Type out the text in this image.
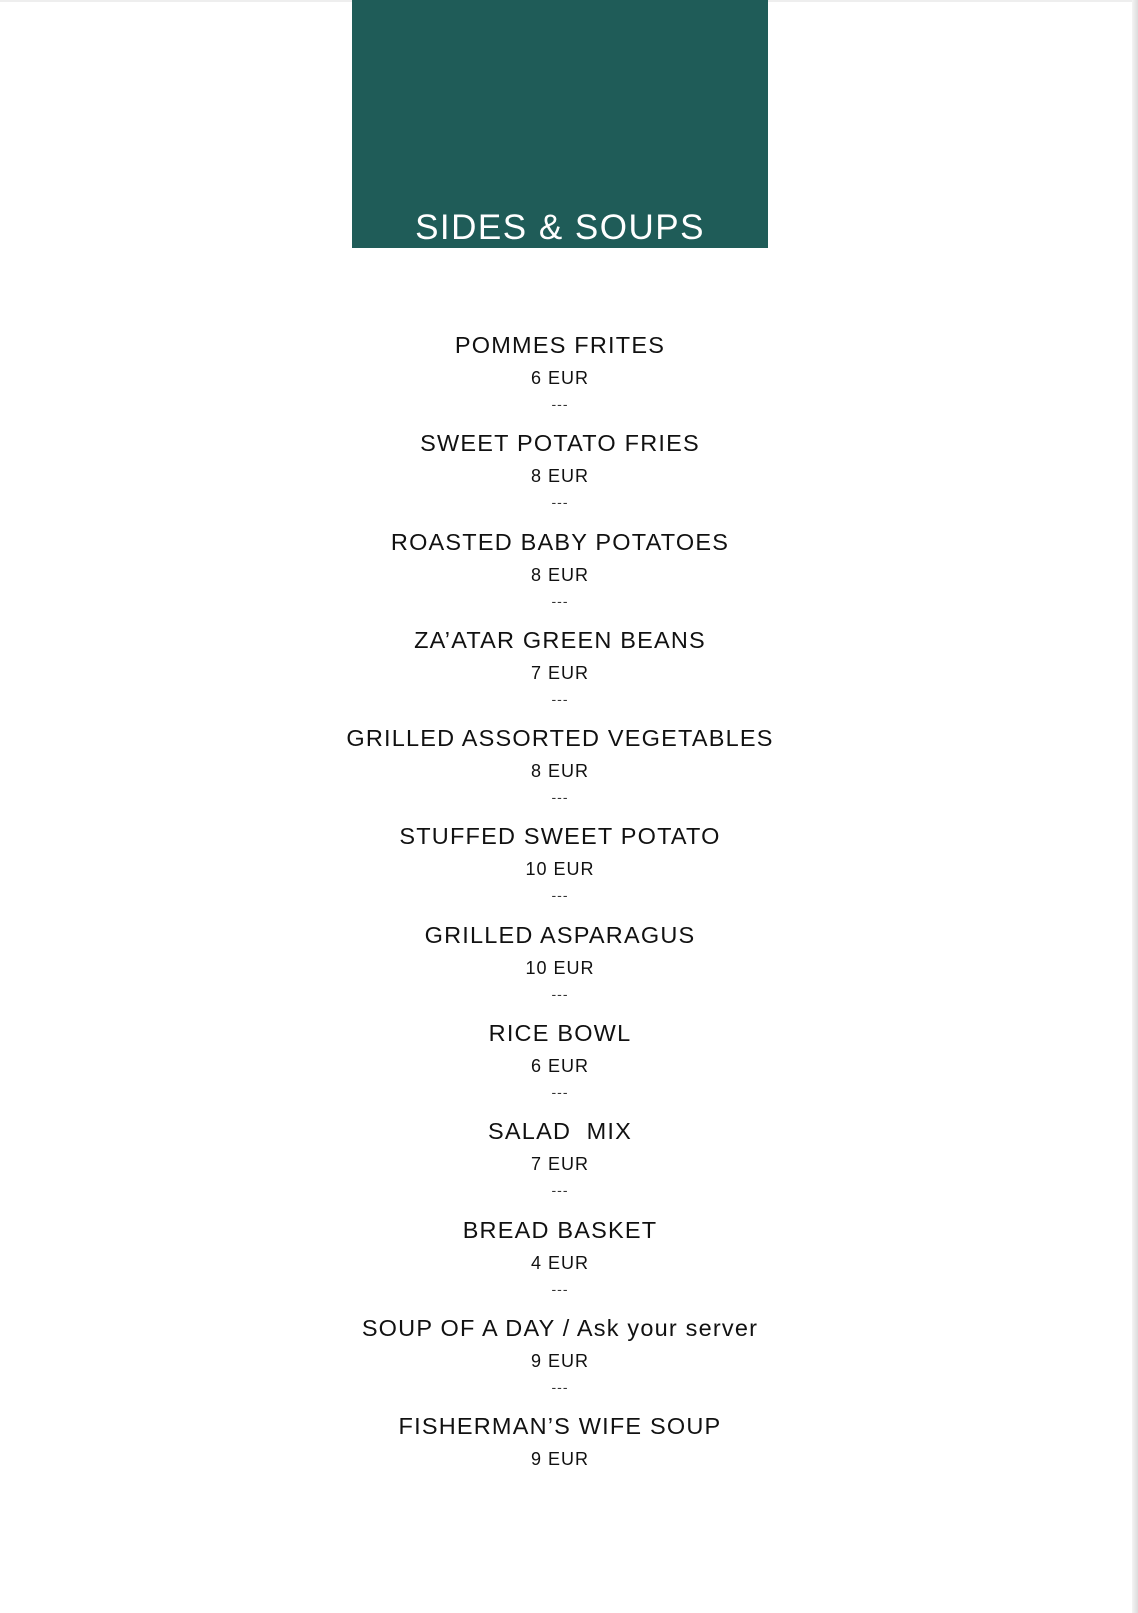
SIDES & SOUPS
POMMES FRITES
6 EUR
---
SWEET POTATO FRIES
8 EUR
---
ROASTED BABY POTATOES
8 EUR
---
ZA’ATAR GREEN BEANS
7 EUR
---
GRILLED ASSORTED VEGETABLES
8 EUR
---
STUFFED SWEET POTATO
10 EUR
---
GRILLED ASPARAGUS
10 EUR
---
RICE BOWL
6 EUR
---
SALAD  MIX
7 EUR
---
BREAD BASKET
4 EUR
---
SOUP OF A DAY / Ask your server
9 EUR
---
FISHERMAN’S WIFE SOUP
9 EUR
